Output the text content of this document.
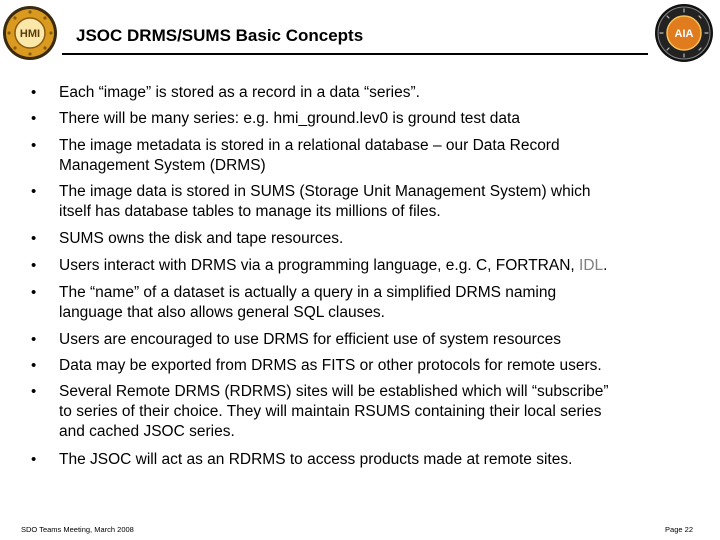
HMI	AIA
JSOC DRMS/SUMS Basic Concepts
• Each “image” is stored as a record in a data “series”.
• There will be many series: e.g. hmi_ground.lev0 is ground test data
• The image metadata is stored in a relational database – our Data Record
Management System (DRMS)
• The image data is stored in SUMS (Storage Unit Management System) which
itself has database tables to manage its millions of files.
• SUMS owns the disk and tape resources.
• Users interact with DRMS via a programming language, e.g. C, FORTRAN, IDL.
• The “name” of a dataset is actually a query in a simplified DRMS naming
language that also allows general SQL clauses.
• Users are encouraged to use DRMS for efficient use of system resources
• Data may be exported from DRMS as FITS or other protocols for remote users.
• Several Remote DRMS (RDRMS) sites will be established which will “subscribe”
to series of their choice. They will maintain RSUMS containing their local series
and cached JSOC series.
• The JSOC will act as an RDRMS to access products made at remote sites.
SDO Teams Meeting, March 2008	Page 22
